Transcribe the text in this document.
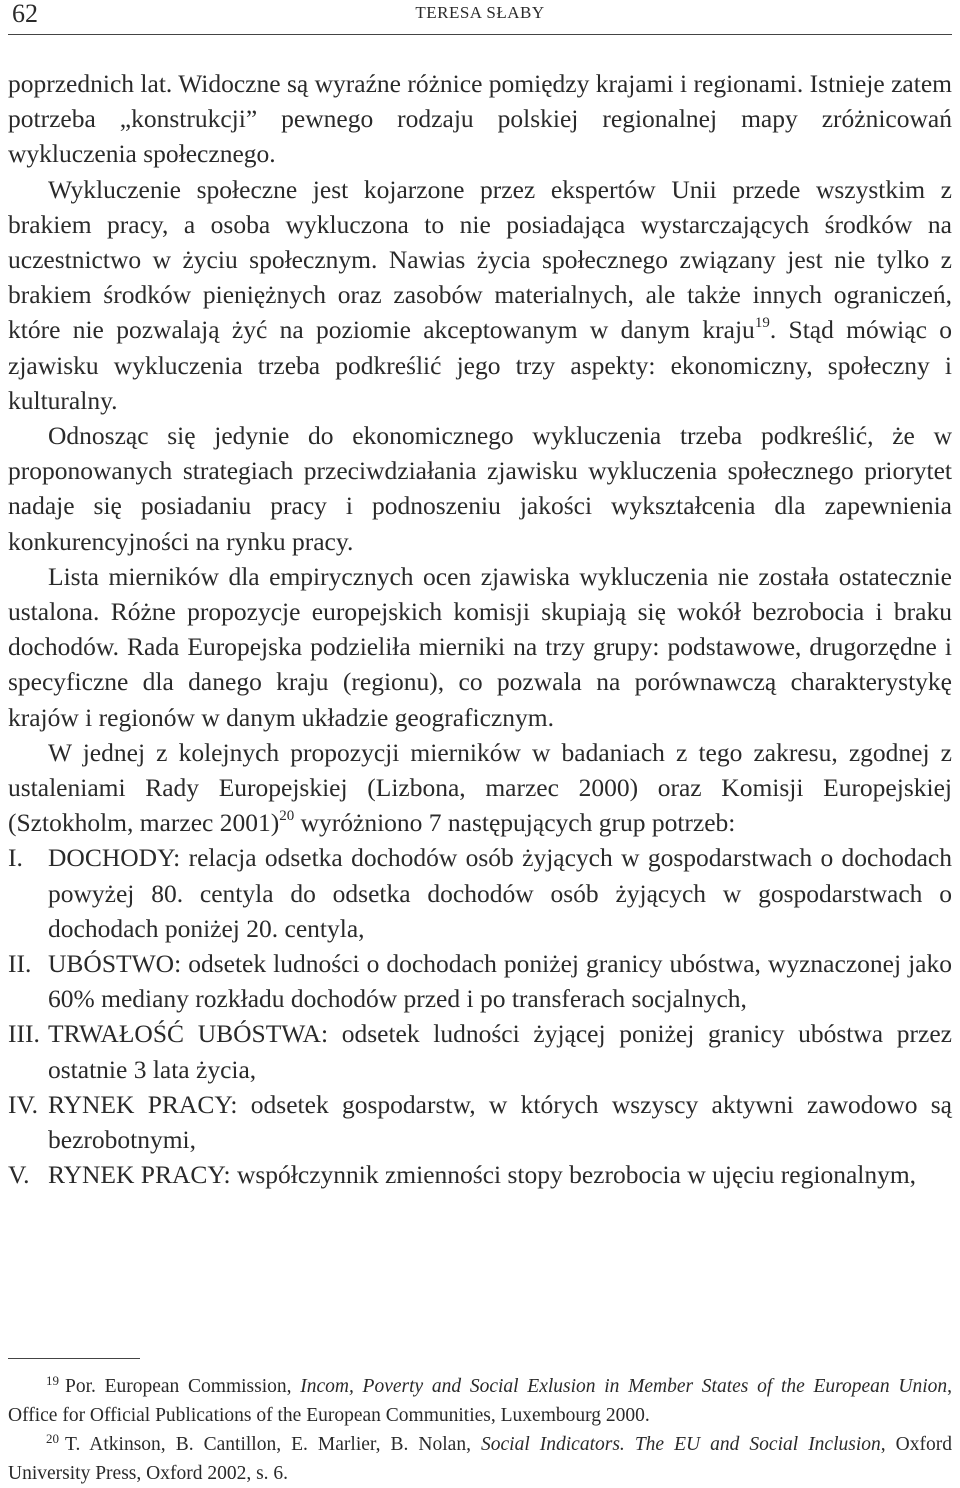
62	TERESA SŁABY

poprzednich lat. Widoczne są wyraźne różnice pomiędzy krajami i regionami. Istnieje zatem potrzeba „konstrukcji” pewnego rodzaju polskiej regionalnej mapy zróżnicowań wykluczenia społecznego.

Wykluczenie społeczne jest kojarzone przez ekspertów Unii przede wszystkim z brakiem pracy, a osoba wykluczona to nie posiadająca wystarczających środków na uczestnictwo w życiu społecznym. Nawias życia społecznego związany jest nie tylko z brakiem środków pieniężnych oraz zasobów materialnych, ale także innych ograniczeń, które nie pozwalają żyć na poziomie akceptowanym w danym kraju$^{19}$. Stąd mówiąc o zjawisku wykluczenia trzeba podkreślić jego trzy aspekty: ekonomiczny, społeczny i kulturalny.

Odnosząc się jedynie do ekonomicznego wykluczenia trzeba podkreślić, że w proponowanych strategiach przeciwdziałania zjawisku wykluczenia społecznego priorytet nadaje się posiadaniu pracy i podnoszeniu jakości wykształcenia dla zapewnienia konkurencyjności na rynku pracy.

Lista mierników dla empirycznych ocen zjawiska wykluczenia nie została ostatecznie ustalona. Różne propozycje europejskich komisji skupiają się wokół bezrobocia i braku dochodów. Rada Europejska podzieliła mierniki na trzy grupy: podstawowe, drugorzędne i specyficzne dla danego kraju (regionu), co pozwala na porównawczą charakterystykę krajów i regionów w danym układzie geograficznym.

W jednej z kolejnych propozycji mierników w badaniach z tego zakresu, zgodnej z ustaleniami Rady Europejskiej (Lizbona, marzec 2000) oraz Komisji Europejskiej (Sztokholm, marzec 2001)$^{20}$ wyróżniono 7 następujących grup potrzeb:

I. DOCHODY: relacja odsetka dochodów osób żyjących w gospodarstwach o dochodach powyżej 80. centyla do odsetka dochodów osób żyjących w gospodarstwach o dochodach poniżej 20. centyla,
II. UBÓSTWO: odsetek ludności o dochodach poniżej granicy ubóstwa, wyznaczonej jako 60% mediany rozkładu dochodów przed i po transferach socjalnych,
III. TRWAŁOŚĆ UBÓSTWA: odsetek ludności żyjącej poniżej granicy ubóstwa przez ostatnie 3 lata życia,
IV. RYNEK PRACY: odsetek gospodarstw, w których wszyscy aktywni zawodowo są bezrobotnymi,
V. RYNEK PRACY: współczynnik zmienności stopy bezrobocia w ujęciu regionalnym,

$^{19}$ Por. European Commission, Incom, Poverty and Social Exlusion in Member States of the European Union, Office for Official Publications of the European Communities, Luxembourg 2000.

$^{20}$ T. Atkinson, B. Cantillon, E. Marlier, B. Nolan, Social Indicators. The EU and Social Inclusion, Oxford University Press, Oxford 2002, s. 6.
